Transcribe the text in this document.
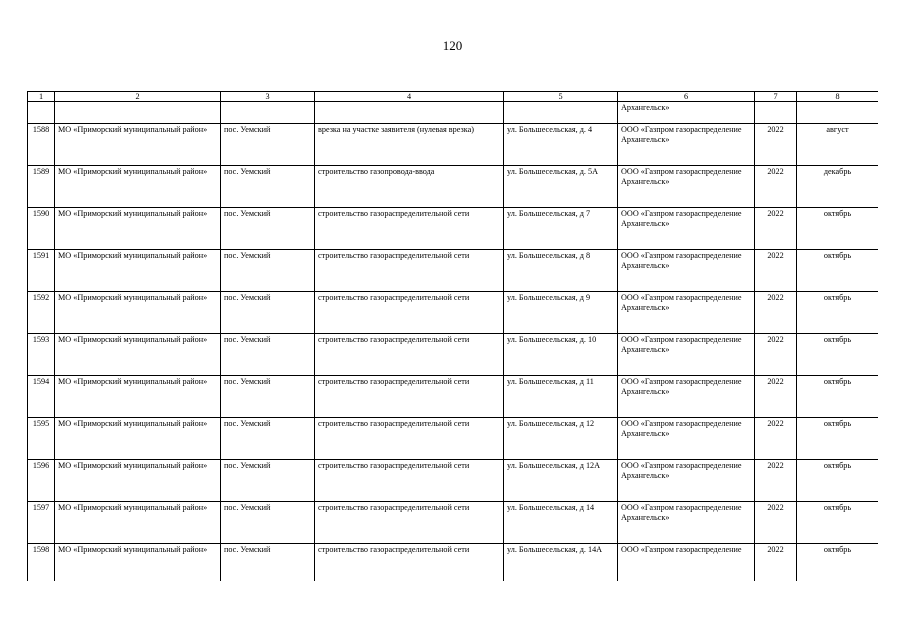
120
1	2	3	4	5	6	7	8
					Архангельск»		
1588	МО «Приморский муниципальный район»	пос. Уемский	врезка на участке заявителя (нулевая врезка)	ул. Большесельская, д. 4	ООО «Газпром газораспределение Архангельск»	2022	август
1589	МО «Приморский муниципальный район»	пос. Уемский	строительство газопровода-ввода	ул. Большесельская, д. 5А	ООО «Газпром газораспределение Архангельск»	2022	декабрь
1590	МО «Приморский муниципальный район»	пос. Уемский	строительство газораспределительной сети	ул. Большесельская, д 7	ООО «Газпром газораспределение Архангельск»	2022	октябрь
1591	МО «Приморский муниципальный район»	пос. Уемский	строительство газораспределительной сети	ул. Большесельская, д 8	ООО «Газпром газораспределение Архангельск»	2022	октябрь
1592	МО «Приморский муниципальный район»	пос. Уемский	строительство газораспределительной сети	ул. Большесельская, д 9	ООО «Газпром газораспределение Архангельск»	2022	октябрь
1593	МО «Приморский муниципальный район»	пос. Уемский	строительство газораспределительной сети	ул. Большесельская, д. 10	ООО «Газпром газораспределение Архангельск»	2022	октябрь
1594	МО «Приморский муниципальный район»	пос. Уемский	строительство газораспределительной сети	ул. Большесельская, д 11	ООО «Газпром газораспределение Архангельск»	2022	октябрь
1595	МО «Приморский муниципальный район»	пос. Уемский	строительство газораспределительной сети	ул. Большесельская, д 12	ООО «Газпром газораспределение Архангельск»	2022	октябрь
1596	МО «Приморский муниципальный район»	пос. Уемский	строительство газораспределительной сети	ул. Большесельская, д 12А	ООО «Газпром газораспределение Архангельск»	2022	октябрь
1597	МО «Приморский муниципальный район»	пос. Уемский	строительство газораспределительной сети	ул. Большесельская, д 14	ООО «Газпром газораспределение Архангельск»	2022	октябрь
1598	МО «Приморский муниципальный район»	пос. Уемский	строительство газораспределительной сети	ул. Большесельская, д. 14А	ООО «Газпром газораспределение	2022	октябрь
